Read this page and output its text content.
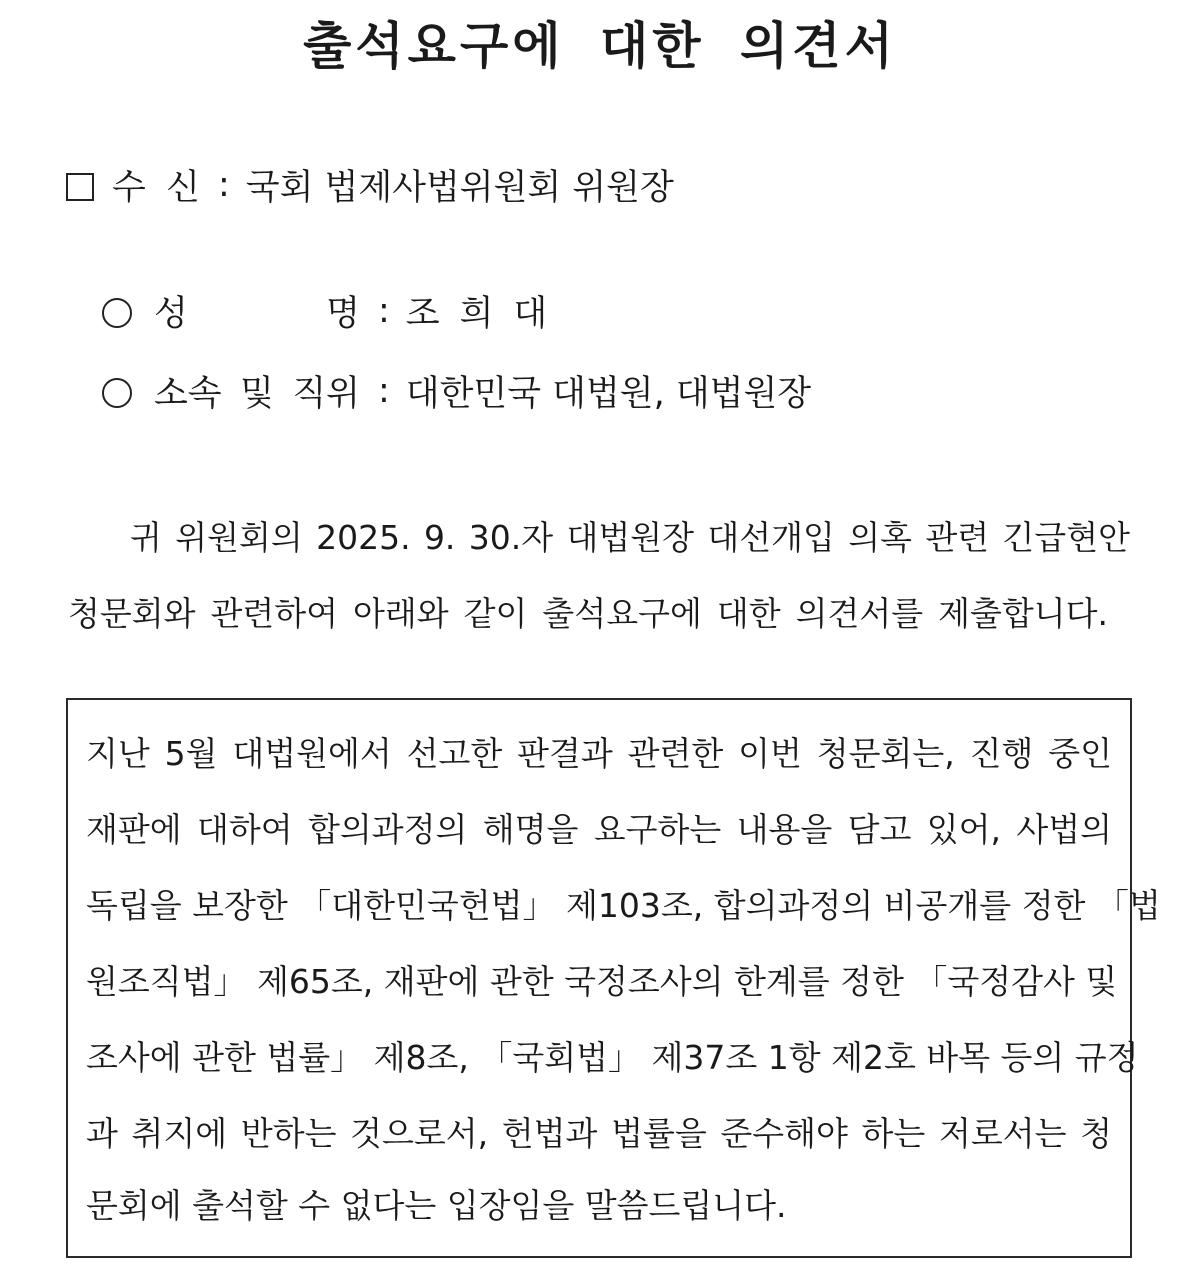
출석요구에 대한 의견서
수 신 : 국회 법제사법위원회 위원장
성 명 : 조희대
소속 및 직위 : 대한민국 대법원, 대법원장
귀 위원회의 2025. 9. 30.자 대법원장 대선개입 의혹 관련 긴급현안
청문회와 관련하여 아래와 같이 출석요구에 대한 의견서를 제출합니다.
지난 5월 대법원에서 선고한 판결과 관련한 이번 청문회는, 진행 중인
재판에 대하여 합의과정의 해명을 요구하는 내용을 담고 있어, 사법의
독립을 보장한 「대한민국헌법」 제103조, 합의과정의 비공개를 정한 「법
원조직법」 제65조, 재판에 관한 국정조사의 한계를 정한 「국정감사 및
조사에 관한 법률」 제8조, 「국회법」 제37조 1항 제2호 바목 등의 규정
과 취지에 반하는 것으로서, 헌법과 법률을 준수해야 하는 저로서는 청
문회에 출석할 수 없다는 입장임을 말씀드립니다.
